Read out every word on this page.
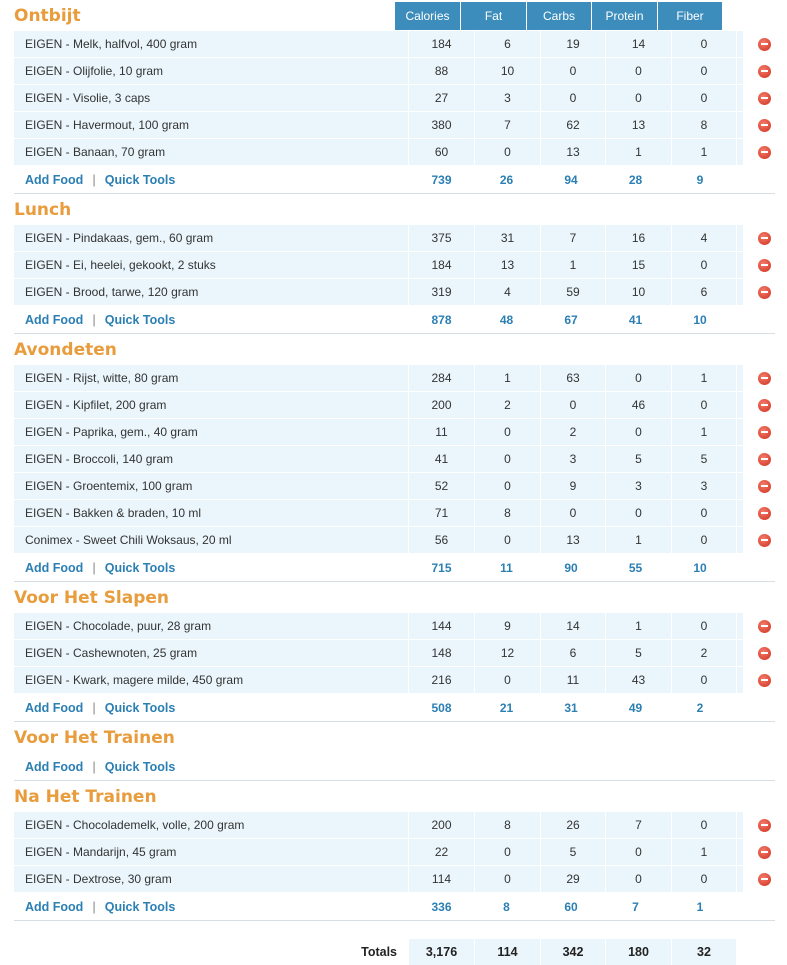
Ontbijt	Calories	Fat	Carbs	Protein	Fiber
EIGEN - Melk, halfvol, 400 gram	184	6	19	14	0
EIGEN - Olijfolie, 10 gram	88	10	0	0	0
EIGEN - Visolie, 3 caps	27	3	0	0	0
EIGEN - Havermout, 100 gram	380	7	62	13	8
EIGEN - Banaan, 70 gram	60	0	13	1	1
Add Food | Quick Tools	739	26	94	28	9
Lunch
EIGEN - Pindakaas, gem., 60 gram	375	31	7	16	4
EIGEN - Ei, heelei, gekookt, 2 stuks	184	13	1	15	0
EIGEN - Brood, tarwe, 120 gram	319	4	59	10	6
Add Food | Quick Tools	878	48	67	41	10
Avondeten
EIGEN - Rijst, witte, 80 gram	284	1	63	0	1
EIGEN - Kipfilet, 200 gram	200	2	0	46	0
EIGEN - Paprika, gem., 40 gram	11	0	2	0	1
EIGEN - Broccoli, 140 gram	41	0	3	5	5
EIGEN - Groentemix, 100 gram	52	0	9	3	3
EIGEN - Bakken & braden, 10 ml	71	8	0	0	0
Conimex - Sweet Chili Woksaus, 20 ml	56	0	13	1	0
Add Food | Quick Tools	715	11	90	55	10
Voor Het Slapen
EIGEN - Chocolade, puur, 28 gram	144	9	14	1	0
EIGEN - Cashewnoten, 25 gram	148	12	6	5	2
EIGEN - Kwark, magere milde, 450 gram	216	0	11	43	0
Add Food | Quick Tools	508	21	31	49	2
Voor Het Trainen
Add Food | Quick Tools
Na Het Trainen
EIGEN - Chocolademelk, volle, 200 gram	200	8	26	7	0
EIGEN - Mandarijn, 45 gram	22	0	5	0	1
EIGEN - Dextrose, 30 gram	114	0	29	0	0
Add Food | Quick Tools	336	8	60	7	1
Totals	3,176	114	342	180	32
